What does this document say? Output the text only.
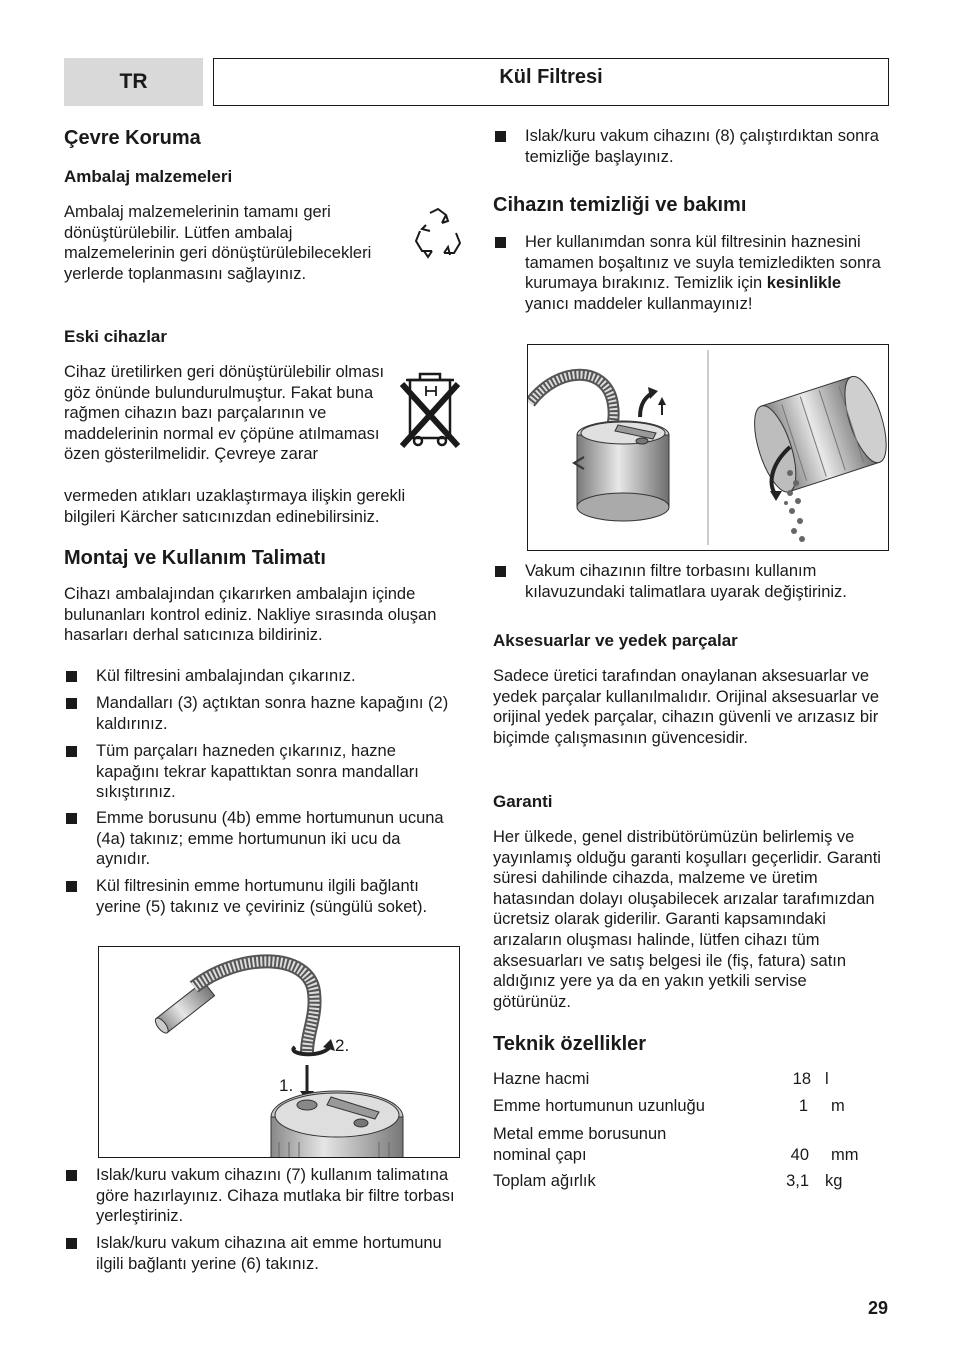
TR	Kül Filtresi
Çevre Koruma
Ambalaj malzemeleri
Ambalaj malzemelerinin tamamı geri dönüştürülebilir. Lütfen ambalaj malzemelerinin geri dönüştürülebilecekleri yerlerde toplanmasını sağlayınız.
Eski cihazlar
Cihaz üretilirken geri dönüştürülebilir olması göz önünde bulundurulmuştur. Fakat buna rağmen cihazın bazı parçalarının ve maddelerinin normal ev çöpüne atılmaması özen gösterilmelidir. Çevreye zarar
vermeden atıkları uzaklaştırmaya ilişkin gerekli bilgileri Kärcher satıcınızdan edinebilirsiniz.
Montaj ve Kullanım Talimatı
Cihazı ambalajından çıkarırken ambalajın içinde bulunanları kontrol ediniz. Nakliye sırasında oluşan hasarları derhal satıcınıza bildiriniz.
Kül filtresini ambalajından çıkarınız.
Mandalları (3) açtıktan sonra hazne kapağını (2) kaldırınız.
Tüm parçaları hazneden çıkarınız, hazne kapağını tekrar kapattıktan sonra mandalları sıkıştırınız.
Emme borusunu (4b) emme hortumunun ucuna (4a) takınız; emme hortumunun iki ucu da aynıdır.
Kül filtresinin emme hortumunu ilgili bağlantı yerine (5) takınız ve çeviriniz (süngülü soket).
2.
1.
Islak/kuru vakum cihazını (7) kullanım talimatına göre hazırlayınız. Cihaza mutlaka bir filtre torbası yerleştiriniz.
Islak/kuru vakum cihazına ait emme hortumunu ilgili bağlantı yerine (6) takınız.
Islak/kuru vakum cihazını (8) çalıştırdıktan sonra temizliğe başlayınız.
Cihazın temizliği ve bakımı
Her kullanımdan sonra kül filtresinin haznesini tamamen boşaltınız ve suyla temizledikten sonra kurumaya bırakınız. Temizlik için kesinlikle yanıcı maddeler kullanmayınız!
Vakum cihazının filtre torbasını kullanım kılavuzundaki talimatlara uyarak değiştiriniz.
Aksesuarlar ve yedek parçalar
Sadece üretici tarafından onaylanan aksesuarlar ve yedek parçalar kullanılmalıdır. Orijinal aksesuarlar ve orijinal yedek parçalar, cihazın güvenli ve arızasız bir biçimde çalışmasının güvencesidir.
Garanti
Her ülkede, genel distribütörümüzün belirlemiş ve yayınlamış olduğu garanti koşulları geçerlidir. Garanti süresi dahilinde cihazda, malzeme ve üretim hatasından dolayı oluşabilecek arızalar tarafımızdan ücretsiz olarak giderilir. Garanti kapsamındaki arızaların oluşması halinde, lütfen cihazı tüm aksesuarları ve satış belgesi ile (fiş, fatura) satın aldığınız yere ya da en yakın yetkili servise götürünüz.
Teknik özellikler
Hazne hacmi	18 l
Emme hortumunun uzunluğu	1 m
Metal emme borusunun
nominal çapı	40 mm
Toplam ağırlık	3,1 kg
29
